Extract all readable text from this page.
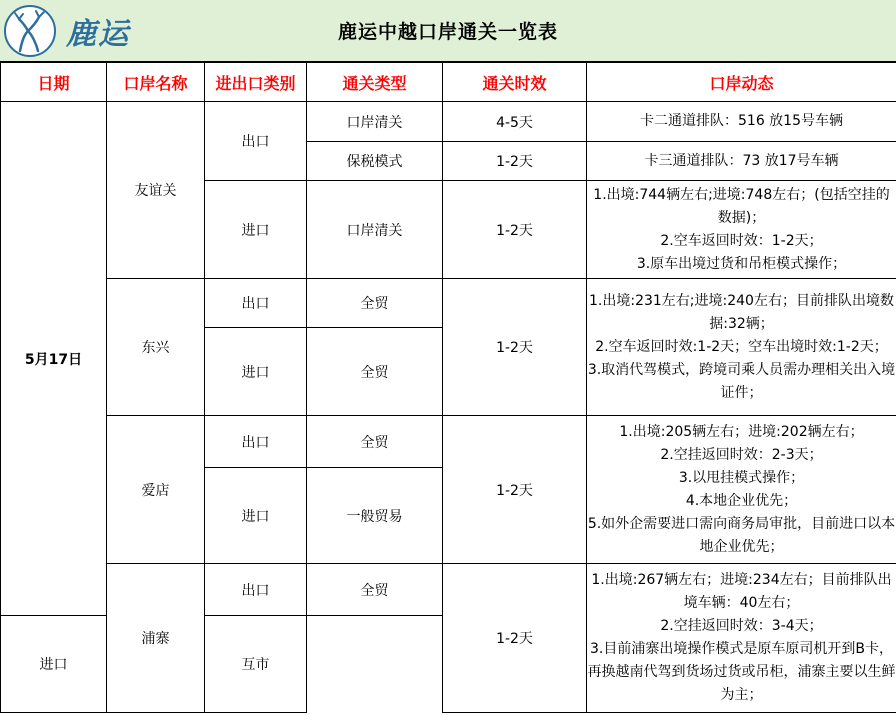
鹿运	鹿运中越口岸通关一览表
日期	口岸名称	进出口类别	通关类型	通关时效	口岸动态
5月17日	友谊关	出口	口岸清关	4-5天	卡二通道排队：516 放15号车辆

			保税模式	1-2天	卡三通道排队：73 放17号车辆

		进口	口岸清关	1-2天	1.出境:744辆左右;进境:748左右；(包括空挂的数据)；
2.空车返回时效：1-2天；
3.原车出境过货和吊柜模式操作；

	东兴	出口	全贸	1-2天	1.出境:231左右;进境:240左右；目前排队出境数据:32辆；
2.空车返回时效:1-2天；空车出境时效:1-2天；
3.取消代驾模式，跨境司乘人员需办理相关出入境证件；

		进口	全贸		
	爱店	出口	全贸	1-2天	1.出境:205辆左右；进境:202辆左右；
2.空挂返回时效：2-3天；
3.以甩挂模式操作；
4.本地企业优先；
5.如外企需要进口需向商务局审批，目前进口以本地企业优先；

		进口	一般贸易		
	浦寨	出口	全贸	1-2天	1.出境:267辆左右；进境:234左右；目前排队出境车辆：40左右；
2.空挂返回时效：3-4天；
3.目前浦寨出境操作模式是原车原司机开到B卡，再换越南代驾到货场过货或吊柜，浦寨主要以生鲜为主；

进口		互市			
